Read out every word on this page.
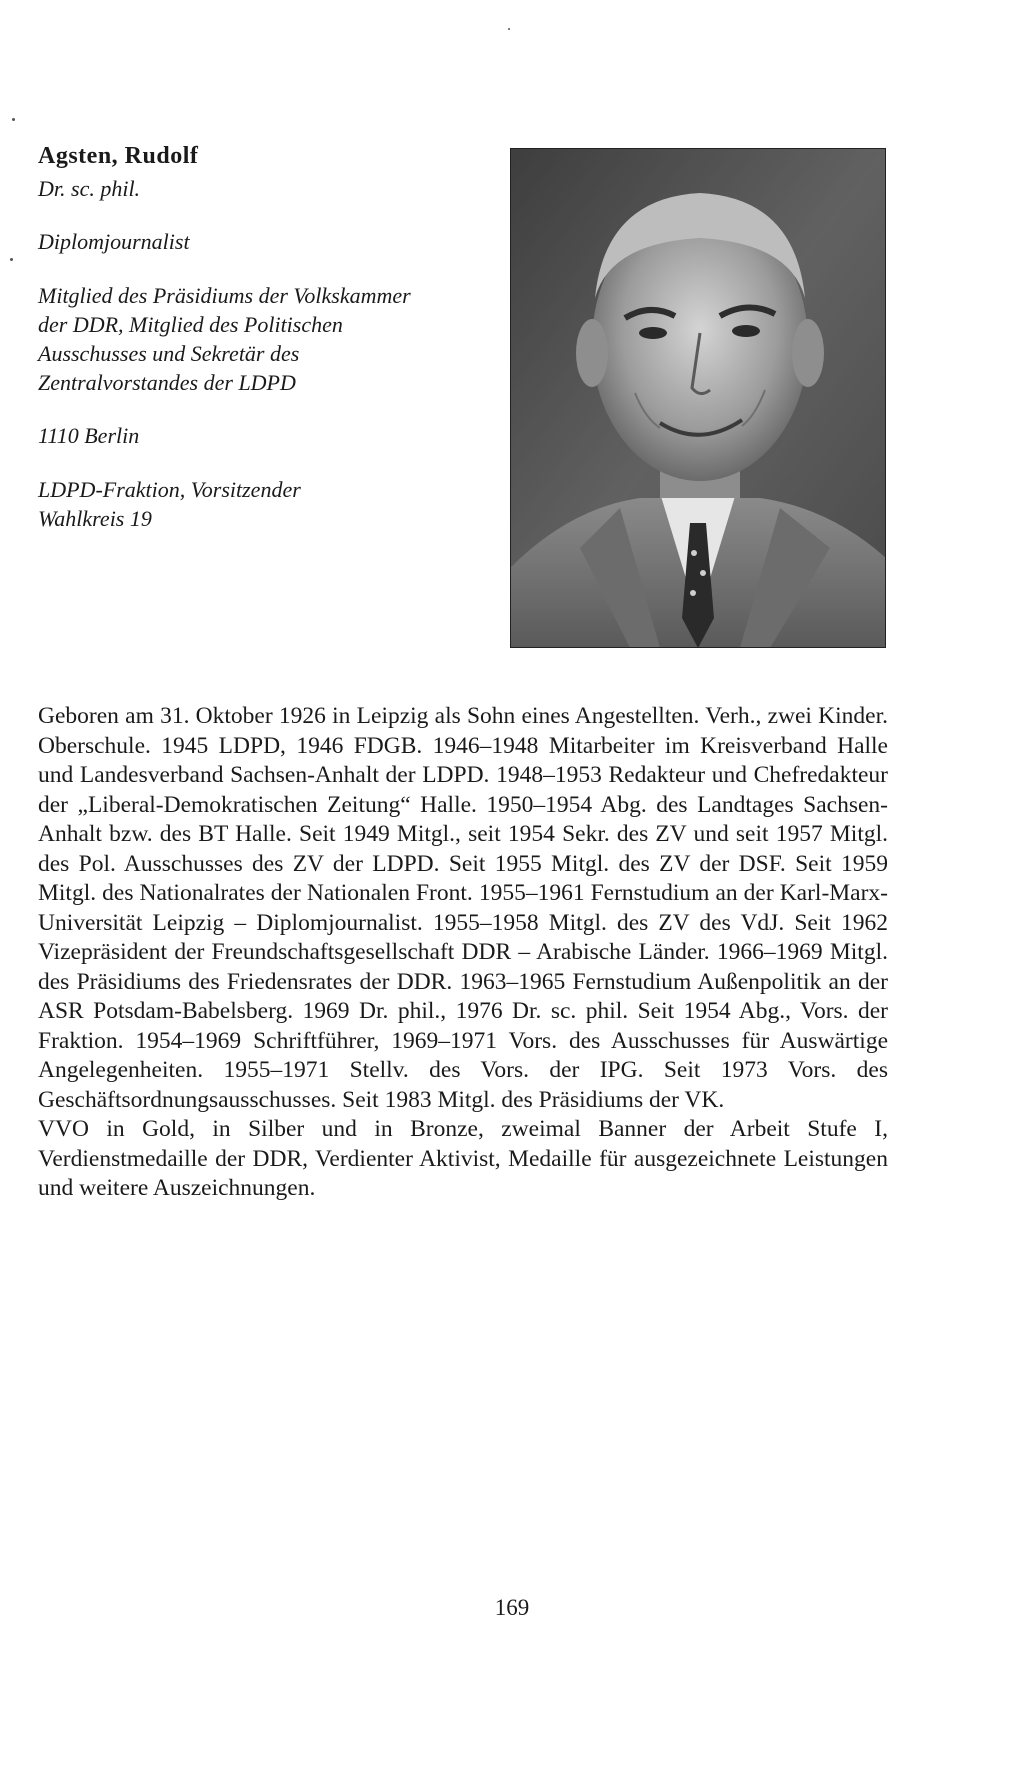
Agsten, Rudolf

Dr. sc. phil.

Diplomjournalist

Mitglied des Präsidiums der Volkskammer der DDR, Mitglied des Politischen Ausschusses und Sekretär des Zentralvorstandes der LDPD

1110 Berlin

LDPD-Fraktion, Vorsitzender

Wahlkreis 19

Geboren am 31. Oktober 1926 in Leipzig als Sohn eines Angestellten. Verh., zwei Kinder. Oberschule. 1945 LDPD, 1946 FDGB. 1946–1948 Mitarbeiter im Kreisverband Halle und Landesverband Sachsen-Anhalt der LDPD. 1948–1953 Redakteur und Chefredakteur der „Liberal-Demokratischen Zeitung“ Halle. 1950–1954 Abg. des Landtages Sachsen-Anhalt bzw. des BT Halle. Seit 1949 Mitgl., seit 1954 Sekr. des ZV und seit 1957 Mitgl. des Pol. Ausschusses des ZV der LDPD. Seit 1955 Mitgl. des ZV der DSF. Seit 1959 Mitgl. des Nationalrates der Nationalen Front. 1955–1961 Fernstudium an der Karl-Marx-Universität Leipzig – Diplomjournalist. 1955–1958 Mitgl. des ZV des VdJ. Seit 1962 Vizepräsident der Freundschaftsgesellschaft DDR – Arabische Länder. 1966–1969 Mitgl. des Präsidiums des Friedensrates der DDR. 1963–1965 Fernstudium Außenpolitik an der ASR Potsdam-Babelsberg. 1969 Dr. phil., 1976 Dr. sc. phil. Seit 1954 Abg., Vors. der Fraktion. 1954–1969 Schriftführer, 1969–1971 Vors. des Ausschusses für Auswärtige Angelegenheiten. 1955–1971 Stellv. des Vors. der IPG. Seit 1973 Vors. des Geschäftsordnungsausschusses. Seit 1983 Mitgl. des Präsidiums der VK.

VVO in Gold, in Silber und in Bronze, zweimal Banner der Arbeit Stufe I, Verdienstmedaille der DDR, Verdienter Aktivist, Medaille für ausgezeichnete Leistungen und weitere Auszeichnungen.

169
